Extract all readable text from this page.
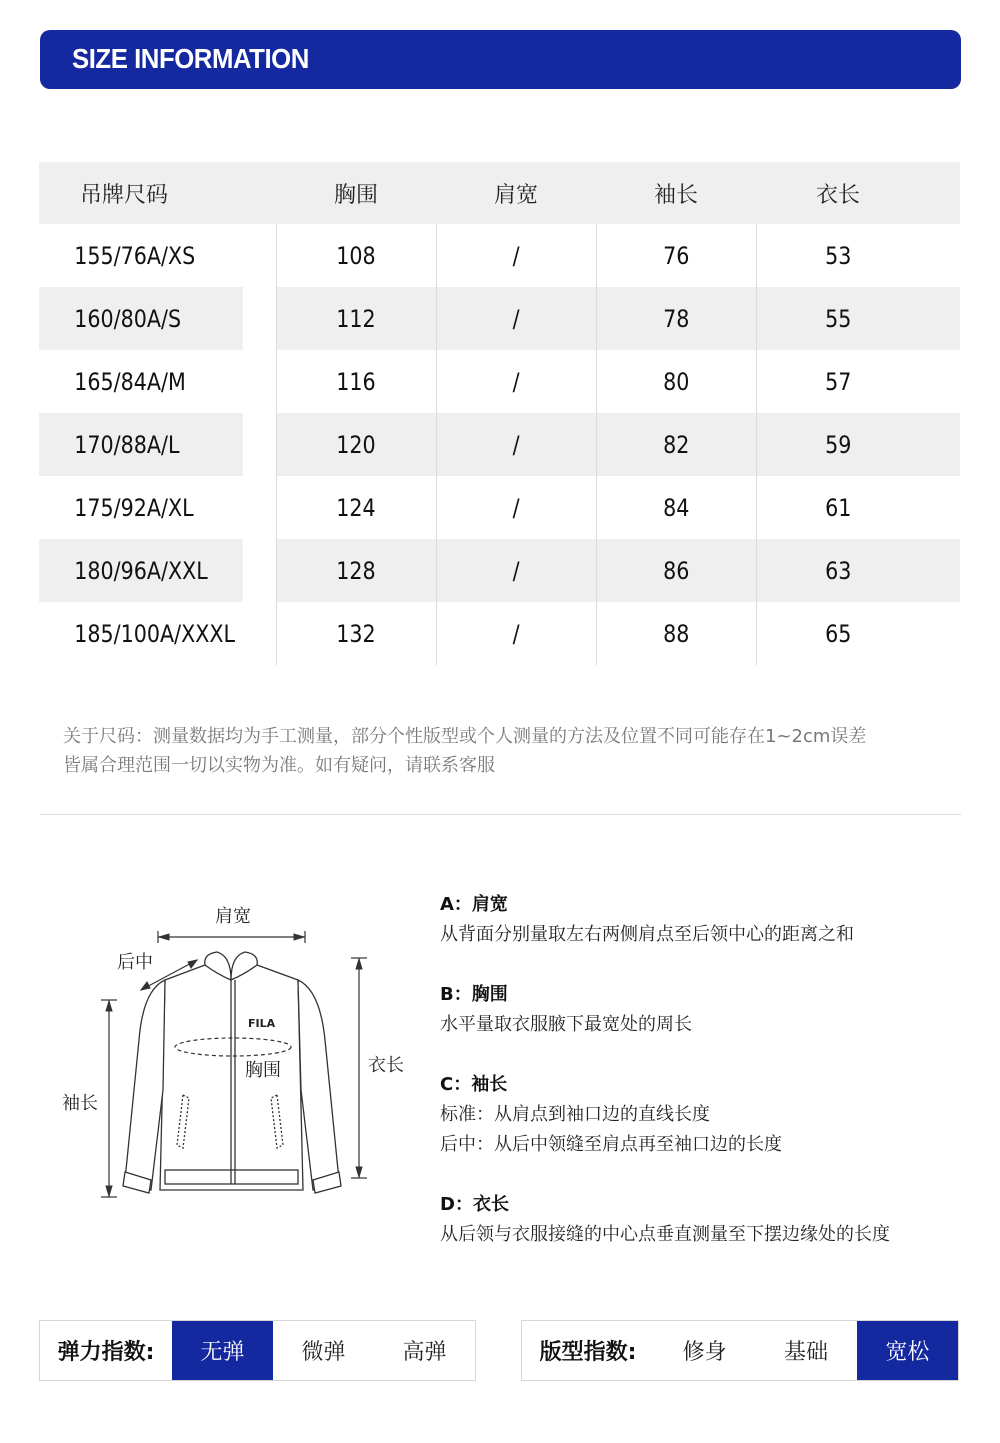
SIZE INFORMATION
吊牌尺码	胸围	肩宽	袖长	衣长
155/76A/XS	108	/	76	53
160/80A/S	112	/	78	55
165/84A/M	116	/	80	57
170/88A/L	120	/	82	59
175/92A/XL	124	/	84	61
180/96A/XXL	128	/	86	63
185/100A/XXXL	132	/	88	65
关于尺码：测量数据均为手工测量，部分个性版型或个人测量的方法及位置不同可能存在1~2cm误差
皆属合理范围一切以实物为准。如有疑问，请联系客服
肩宽
后中
袖长
衣长
FILA
胸围
A：肩宽
从背面分别量取左右两侧肩点至后领中心的距离之和
B：胸围
水平量取衣服腋下最宽处的周长
C：袖长
标准：从肩点到袖口边的直线长度
后中：从后中领缝至肩点再至袖口边的长度
D：衣长
从后领与衣服接缝的中心点垂直测量至下摆边缘处的长度
弹力指数:	无弹	微弹	高弹	版型指数:	修身	基础	宽松
